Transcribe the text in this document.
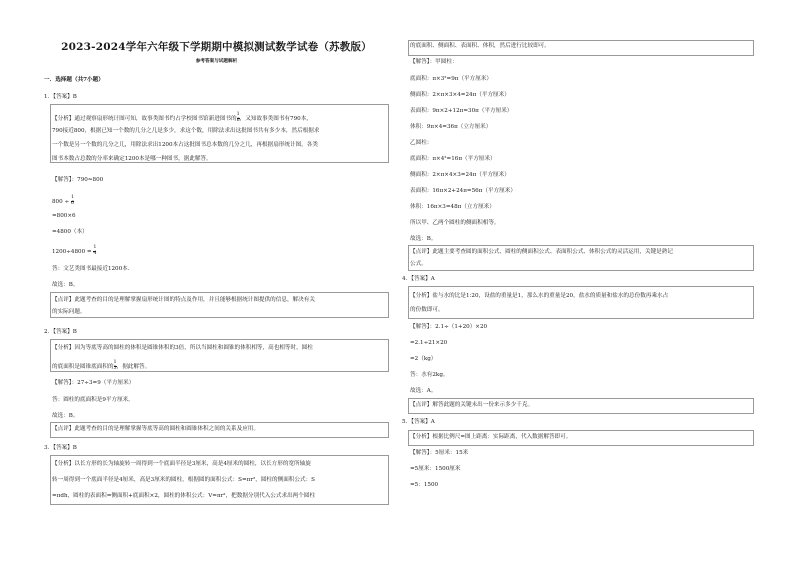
2023-2024学年六年级下学期期中模拟测试数学试卷（苏教版）
参考答案与试题解析
一．选择题（共7小题）
1．【答案】B
【分析】通过观察扇形统计图可知，故事类图书约占学校图书馆新进图书的 $\frac{1}{6}$ ，又知故事类图书有790本，
790接近800，根据已知一个数的几分之几是多少，求这个数，用除法求出这批图书共有多少本，然后根据求
一个数是另一个数的几分之几，用除法求出1200本占这批图书总本数的几分之几，再根据扇形统计图，各类
图书本数占总数的分率来确定1200本是哪一种图书，据此解答。
【解答】：790≈800
$800 \div \frac{1}{6}$
=800×6
=4800（本）
$1200\div 4800 = \frac{1}{4}$
答：文艺类图书最接近1200本.
故选：B。
【点评】此题考查的目的是理解掌握扇形统计图的特点及作用，并且能够根据统计图提供的信息，解决有关
的实际问题。
2．【答案】B
【分析】因为等底等高的圆柱的体积是圆锥体积的3倍，所以当圆柱和圆锥的体积相等，高也相等时，圆柱
的底面积是圆锥底面积的 $\frac{1}{3}$ ，据此解答。
【解答】：27÷3=9（平方厘米）
答：圆柱的底面积是9平方厘米。
故选：B。
【点评】此题考查的目的是理解掌握等底等高的圆柱和圆锥体积之间的关系及应用。
3．【答案】B
【分析】以长方形的长为轴旋转一周得到一个底面半径是3厘米，高是4厘米的圆柱，以长方形的宽所轴旋
转一周得到一个底面半径是4厘米，高是3厘米的圆柱，根据圆的面积公式：S=πr²，圆柱的侧面积公式：S
=πdh，圆柱的表面积=侧面积+底面积×2，圆柱的体积公式：V=πr²，把数据分别代入公式求出两个圆柱
的底面积、侧面积、表面积、体积，然后进行比较即可。
【解答】：甲圆柱：
底面积：π×3²=9π（平方厘米）
侧面积：2×π×3×4=24π（平方厘米）
表面积：9π×2+12π=30π（平方厘米）
体积：9π×4=36π（立方厘米）
乙圆柱：
底面积：π×4²=16π（平方厘米）
侧面积：2×π×4×3=24π（平方厘米）
表面积：16π×2+24π=56π（平方厘米）
体积：16π×3=48π（立方厘米）
所以甲、乙两个圆柱的侧面积相等。
故选：B。
【点评】此题主要考查圆的面积公式、圆柱的侧面积公式、表面积公式、体积公式的灵活运用，关键是熟记
公式。
4．【答案】A
【分析】盐与水的比是1:20，设盐的重量是1，那么水的重量是20，盐水的质量和盐水的总份数再乘水占
的份数即可。
【解答】：2.1÷（1+20）×20
=2.1÷21×20
=2（kg）
答：水有2kg。
故选：A。
【点评】解答此题的关键未出一份来示多少千克。
5．【答案】A
【分析】根据比例尺=图上距离：实际距离，代入数据解答即可。
【解答】：5厘米：15米
=5厘米：1500厘米
=5：1500
